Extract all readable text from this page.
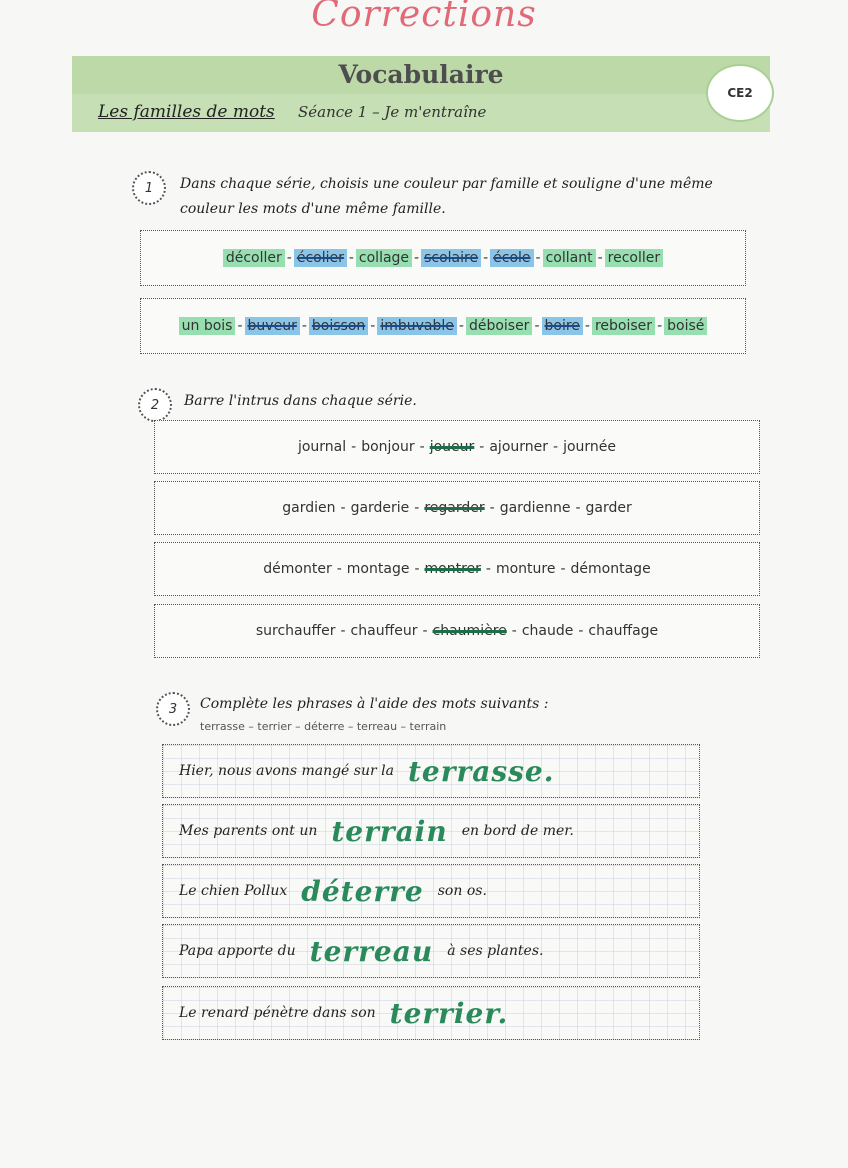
Corrections
Vocabulaire
Les familles de mots Séance 1 – Je m'entraîne
CE2
1	Dans chaque série, choisis une couleur par famille et souligne d'une même couleur les mots d'une même famille.
décoller - écolier - collage - scolaire - école - collant - recoller
un bois - buveur - boisson - imbuvable - déboiser - boire - reboiser - boisé
2	Barre l'intrus dans chaque série.
journal - bonjour - joueur - ajourner - journée
gardien - garderie - regarder - gardienne - garder
démonter - montage - montrer - monture - démontage
surchauffer - chauffeur - chaumière - chaude - chauffage
3	Complète les phrases à l'aide des mots suivants :
terrasse – terrier – déterre – terreau – terrain
Hier, nous avons mangé sur la terrasse.
Mes parents ont un terrain en bord de mer.
Le chien Pollux déterre son os.
Papa apporte du terreau à ses plantes.
Le renard pénètre dans son terrier.
